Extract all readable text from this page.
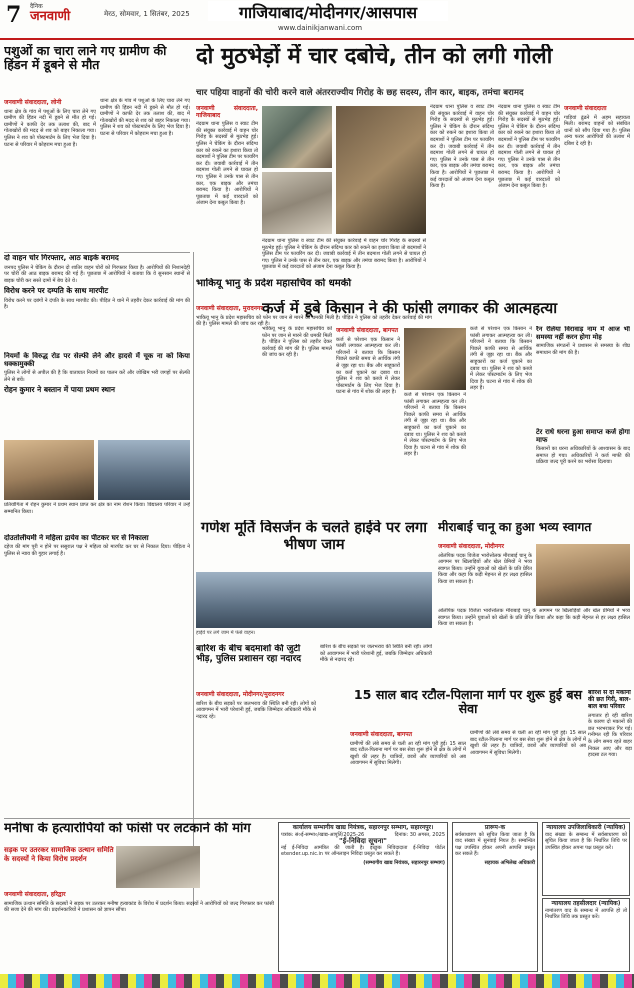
7 दैनिक
जनवाणी	मेरठ, सोमवार, 1 सितंबर, 2025	गाजियाबाद/मोदीनगर/आसपास
www.dainikjanwani.com
पशुओं का चारा लाने गए ग्रामीण की हिंडन में डूबने से मौत
जनवाणी संवाददाता, लोनी

थाना क्षेत्र के गांव में पशुओं के लिए चारा लेने गए ग्रामीण की हिंडन नदी में डूबने से मौत हो गई। ग्रामीणों ने काफी देर तक तलाश की, बाद में गोताखोरों की मदद से शव को बाहर निकाला गया। पुलिस ने शव को पोस्टमार्टम के लिए भेज दिया है। घटना से परिवार में कोहराम मचा हुआ है।

थाना क्षेत्र के गांव में पशुओं के लिए चारा लेने गए ग्रामीण की हिंडन नदी में डूबने से मौत हो गई। ग्रामीणों ने काफी देर तक तलाश की, बाद में गोताखोरों की मदद से शव को बाहर निकाला गया। पुलिस ने शव को पोस्टमार्टम के लिए भेज दिया है। घटना से परिवार में कोहराम मचा हुआ है।

दो मुठभेड़ों में चार दबोचे, तीन को लगी गोली
चार पहिया वाहनों की चोरी करने वाले अंतरराज्यीय गिरोह के छह सदस्य, तीन कार, बाइक, तमंचा बरामद
जनवाणी संवाददाता, गाजियाबाद

नंदग्राम थाना पुलिस व स्वाट टीम की संयुक्त कार्रवाई में वाहन चोर गिरोह के सदस्यों से मुठभेड़ हुई। पुलिस ने चेकिंग के दौरान संदिग्ध कार को रुकने का इशारा किया तो बदमाशों ने पुलिस टीम पर फायरिंग कर दी। जवाबी कार्रवाई में तीन बदमाश गोली लगने से घायल हो गए। पुलिस ने उनके पास से तीन कार, एक बाइक और तमंचा बरामद किया है। आरोपियों ने पूछताछ में कई वारदातों को अंजाम देना कबूल किया है।

नंदग्राम थाना पुलिस व स्वाट टीम की संयुक्त कार्रवाई में वाहन चोर गिरोह के सदस्यों से मुठभेड़ हुई। पुलिस ने चेकिंग के दौरान संदिग्ध कार को रुकने का इशारा किया तो बदमाशों ने पुलिस टीम पर फायरिंग कर दी। जवाबी कार्रवाई में तीन बदमाश गोली लगने से घायल हो गए। पुलिस ने उनके पास से तीन कार, एक बाइक और तमंचा बरामद किया है। आरोपियों ने पूछताछ में कई वारदातों को अंजाम देना कबूल किया है।

नंदग्राम थाना पुलिस व स्वाट टीम की संयुक्त कार्रवाई में वाहन चोर गिरोह के सदस्यों से मुठभेड़ हुई। पुलिस ने चेकिंग के दौरान संदिग्ध कार को रुकने का इशारा किया तो बदमाशों ने पुलिस टीम पर फायरिंग कर दी। जवाबी कार्रवाई में तीन बदमाश गोली लगने से घायल हो गए। पुलिस ने उनके पास से तीन कार, एक बाइक और तमंचा बरामद किया है। आरोपियों ने पूछताछ में कई वारदातों को अंजाम देना कबूल किया है।

नंदग्राम थाना पुलिस व स्वाट टीम की संयुक्त कार्रवाई में वाहन चोर गिरोह के सदस्यों से मुठभेड़ हुई। पुलिस ने चेकिंग के दौरान संदिग्ध कार को रुकने का इशारा किया तो बदमाशों ने पुलिस टीम पर फायरिंग कर दी। जवाबी कार्रवाई में तीन बदमाश गोली लगने से घायल हो गए। पुलिस ने उनके पास से तीन कार, एक बाइक और तमंचा बरामद किया है। आरोपियों ने पूछताछ में कई वारदातों को अंजाम देना कबूल किया है।

जनवाणी संवाददाता

गाड़ियां ढूंढने में अहम सहायता मिली। बरामद वाहनों को संबंधित थानों को सौंप दिया गया है। पुलिस अन्य फरार आरोपियों की तलाश में दबिश दे रही है।

दो वाहन चोर गिरफ्तार, आठ बाइके बरामद

जनपद पुलिस ने चेकिंग के दौरान दो शातिर वाहन चोरों को गिरफ्तार किया है। आरोपियों की निशानदेही पर चोरी की आठ बाइक बरामद की गई हैं। पूछताछ में आरोपियों ने बताया कि वे सुनसान स्थानों से बाइक चोरी कर सस्ते दामों में बेच देते थे।

विरोध करने पर दम्पति के साथ मारपीट

विरोध करने पर दबंगों ने दंपति के साथ मारपीट की। पीड़ित ने थाने में तहरीर देकर कार्रवाई की मांग की है।

नियमों के विरुद्ध रोड पर सेल्फी लेने और हादसे में चूक ना को किया धक्कामुक्की

पुलिस ने लोगों से अपील की है कि यातायात नियमों का पालन करें और जोखिम भरी जगहों पर सेल्फी लेने से बचें।

रोहन कुमार ने बस्तान में पाया प्रथम स्थान

प्रतियोगिता में रोहन कुमार ने प्रथम स्थान प्राप्त कर क्षेत्र का नाम रोशन किया। विद्यालय परिवार ने उन्हें सम्मानित किया।

दोउतोलीयमी ने महिला द्रायेव का पीटकर घर से निकाला

दहेज की मांग पूरी न होने पर ससुराल पक्ष ने महिला को मारपीट कर घर से निकाल दिया। पीड़िता ने पुलिस से न्याय की गुहार लगाई है।

भाकियू भानु के प्रदेश महासचिव को धमकी
जनवाणी संवाददाता, मुरादनगर

भाकियू भानु के प्रदेश महासचिव को फोन पर जान से मारने की धमकी मिली है। पीड़ित ने पुलिस को तहरीर देकर कार्रवाई की मांग की है। पुलिस मामले की जांच कर रही है।

गणेश मूर्ति विसर्जन के चलते हाईवे पर लगा भीषण जाम
हाईवे पर लगे जाम में फंसे वाहन।
कर्ज में डूबे किसान ने की फांसी लगाकर की आत्महत्या
जनवाणी संवाददाता, बागपत

कर्ज से परेशान एक किसान ने फांसी लगाकर आत्महत्या कर ली। परिजनों ने बताया कि किसान पिछले काफी समय से आर्थिक तंगी से जूझ रहा था। बैंक और साहूकारों का कर्ज चुकाने का दबाव था। पुलिस ने शव को कब्जे में लेकर पोस्टमार्टम के लिए भेज दिया है। घटना से गांव में शोक की लहर है।	कर्ज से परेशान एक किसान ने फांसी लगाकर आत्महत्या कर ली। परिजनों ने बताया कि किसान पिछले काफी समय से आर्थिक तंगी से जूझ रहा था। बैंक और साहूकारों का कर्ज चुकाने का दबाव था। पुलिस ने शव को कब्जे में लेकर पोस्टमार्टम के लिए भेज दिया है। घटना से गांव में शोक की लहर है।

कर्ज से परेशान एक किसान ने फांसी लगाकर आत्महत्या कर ली। परिजनों ने बताया कि किसान पिछले काफी समय से आर्थिक तंगी से जूझ रहा था। बैंक और साहूकारों का कर्ज चुकाने का दबाव था। पुलिस ने शव को कब्जे में लेकर पोस्टमार्टम के लिए भेज दिया है। घटना से गांव में शोक की लहर है।

रैन रेलिया विरावाड़ नाम में आज भी समस्या नहीं करन होगा मोह

सामाजिक संगठनों ने प्रशासन से समस्या के शीघ्र समाधान की मांग की है।

टेर राधे धरना हुआ समाप्त कर्ज होगा माफ

किसानों का धरना अधिकारियों के आश्वासन के बाद समाप्त हो गया। अधिकारियों ने कर्ज माफी की प्रक्रिया जल्द पूरी करने का भरोसा दिलाया।

भाकियू भानु के प्रदेश महासचिव को फोन पर जान से मारने की धमकी मिली है। पीड़ित ने पुलिस को तहरीर देकर कार्रवाई की मांग की है। पुलिस मामले की जांच कर रही है।

मीराबाई चानू का हुआ भव्य स्वागत
जनवाणी संवाददाता, मोदीनगर

ओलंपिक पदक विजेता भारोत्तोलक मीराबाई चानू के आगमन पर खिलाड़ियों और खेल प्रेमियों ने भव्य स्वागत किया। उन्होंने युवाओं को खेलों के प्रति प्रेरित किया और कहा कि कड़ी मेहनत से हर लक्ष्य हासिल किया जा सकता है।

ओलंपिक पदक विजेता भारोत्तोलक मीराबाई चानू के आगमन पर खिलाड़ियों और खेल प्रेमियों ने भव्य स्वागत किया। उन्होंने युवाओं को खेलों के प्रति प्रेरित किया और कहा कि कड़ी मेहनत से हर लक्ष्य हासिल किया जा सकता है।

बारिश के बीच बदमाशों की जुटी भीड़, पुलिस प्रशासन रहा नदारद
जनवाणी संवाददाता, मोदीनगर/मुरादनगर

बारिश के बीच सड़कों पर जलभराव की स्थिति बनी रही। लोगों को आवागमन में भारी परेशानी हुई, जबकि जिम्मेदार अधिकारी मौके से नदारद रहे।

बारिश के बीच सड़कों पर जलभराव की स्थिति बनी रही। लोगों को आवागमन में भारी परेशानी हुई, जबकि जिम्मेदार अधिकारी मौके से नदारद रहे।

15 साल बाद रटौल-पिलाना मार्ग पर शुरू हुई बस सेवा
जनवाणी संवाददाता, बागपत

ग्रामीणों की लंबे समय से चली आ रही मांग पूरी हुई। 15 साल बाद रटौल-पिलाना मार्ग पर बस सेवा शुरू होने से क्षेत्र के लोगों में खुशी की लहर है। यात्रियों, छात्रों और व्यापारियों को अब आवागमन में सुविधा मिलेगी।

ग्रामीणों की लंबे समय से चली आ रही मांग पूरी हुई। 15 साल बाद रटौल-पिलाना मार्ग पर बस सेवा शुरू होने से क्षेत्र के लोगों में खुशी की लहर है। यात्रियों, छात्रों और व्यापारियों को अब आवागमन में सुविधा मिलेगी।

बारिश से दो मकानों की छत गिरी, बाल-बाल बचा परिवार

लगातार हो रही बारिश के कारण दो मकानों की छत भरभराकर गिर गई। गनीमत रही कि परिवार के लोग समय रहते बाहर निकल आए और बड़ा हादसा टल गया।

मनीषा के हत्यारोपियों को फांसी पर लटकाने की मांग
सड़क पर उतरकर सामाजिक उत्थान समिति के सदस्यों ने किया विरोध प्रदर्शन
जनवाणी संवाददाता, हरिद्वार

सामाजिक उत्थान समिति के सदस्यों ने सड़क पर उतरकर मनीषा हत्याकांड के विरोध में प्रदर्शन किया। सदस्यों ने आरोपियों को जल्द गिरफ्तार कर फांसी की सजा देने की मांग की। प्रदर्शनकारियों ने प्रशासन को ज्ञापन सौंपा।

कार्यालय सम्भागीय खाद्य नियंत्रक, सहारनपुर सम्भाग, सहारनपुर।
पत्रांक: सं०ई-सम्भा०/खाद्य-आपूर्ति/2025-26	दिनांक: 30 अगस्त, 2025
"ई-निविदा सूचना"

नई ई-निविदा आमंत्रित की जाती है। इच्छुक निविदादाता ई-निविदा पोर्टल etender.up.nic.in पर ऑनलाइन निविदा प्रस्तुत कर सकते हैं।

(सम्भागीय खाद्य नियंत्रक, सहारनपुर सम्भाग)
प्रारूप-क

सर्वसाधारण को सूचित किया जाता है कि वाद संख्या में सुनवाई नियत है। सम्बन्धित पक्ष उपस्थित होकर अपनी आपत्ति प्रस्तुत कर सकते हैं।

सहायक अभिलेख अधिकारी
न्यायालय उपजिलाधिकारी (न्यायिक)

वाद संख्या के सम्बन्ध में सर्वसाधारण को सूचित किया जाता है कि निर्धारित तिथि पर उपस्थित होकर अपना पक्ष प्रस्तुत करें।

न्यायालय तहसीलदार (न्यायिक)

नामांतरण वाद के सम्बन्ध में आपत्ति हो तो निर्धारित तिथि तक प्रस्तुत करें।
